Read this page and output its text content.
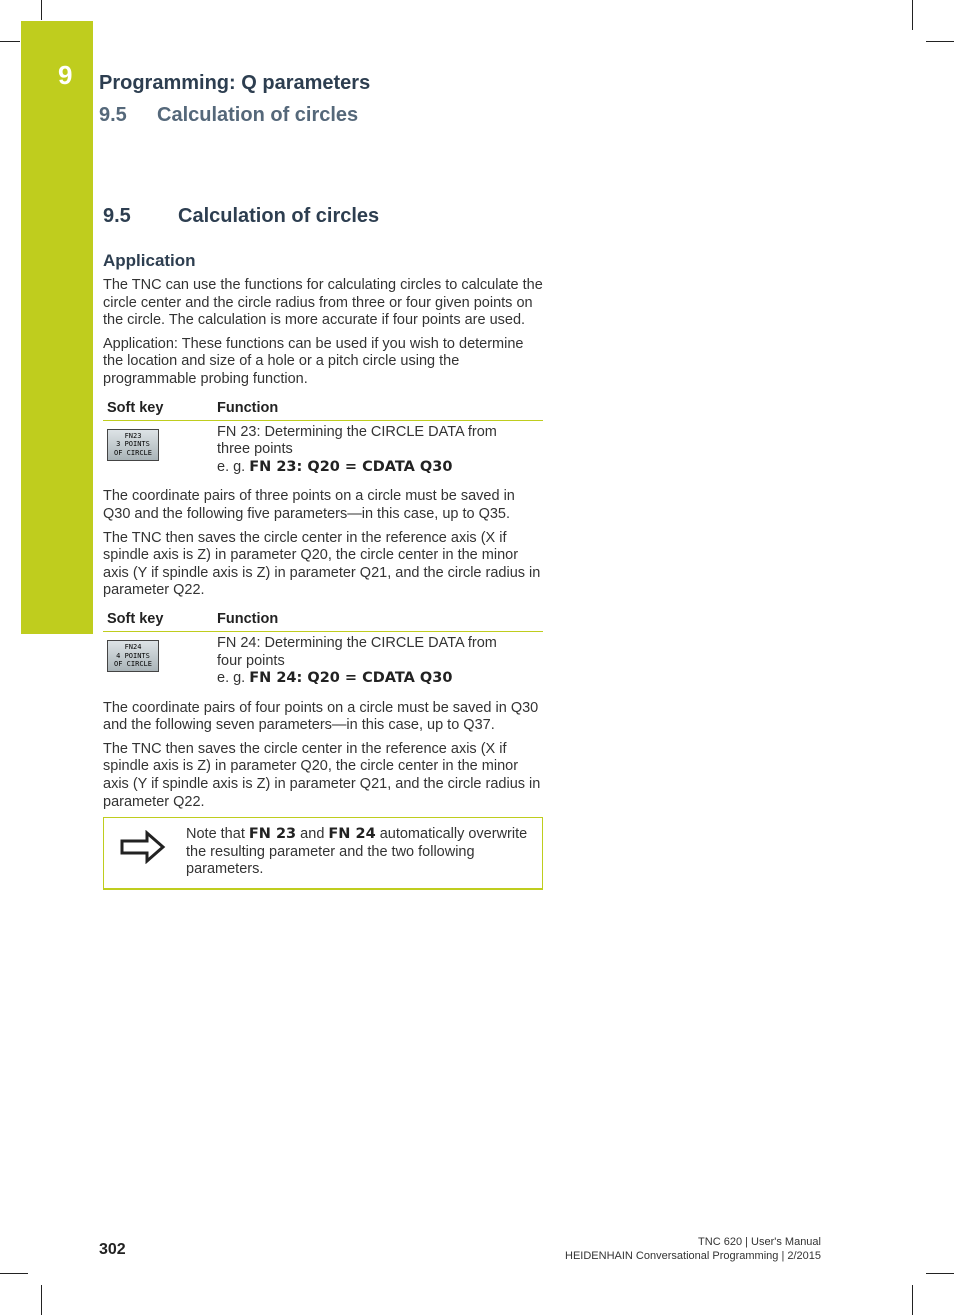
9 Programming: Q parameters
9.5 Calculation of circles
9.5 Calculation of circles
Application

The TNC can use the functions for calculating circles to calculate the circle center and the circle radius from three or four given points on the circle. The calculation is more accurate if four points are used.

Application: These functions can be used if you wish to determine the location and size of a hole or a pitch circle using the programmable probing function.

Soft key	Function

FN23
3 POINTS
OF CIRCLE	FN 23: Determining the CIRCLE DATA from
three points
e. g. FN 23: Q20 = CDATA Q30

The coordinate pairs of three points on a circle must be saved in Q30 and the following five parameters—in this case, up to Q35.

The TNC then saves the circle center in the reference axis (X if spindle axis is Z) in parameter Q20, the circle center in the minor axis (Y if spindle axis is Z) in parameter Q21, and the circle radius in parameter Q22.

Soft key	Function

FN24
4 POINTS
OF CIRCLE	FN 24: Determining the CIRCLE DATA from
four points
e. g. FN 24: Q20 = CDATA Q30

The coordinate pairs of four points on a circle must be saved in Q30 and the following seven parameters—in this case, up to Q37.

The TNC then saves the circle center in the reference axis (X if spindle axis is Z) in parameter Q20, the circle center in the minor axis (Y if spindle axis is Z) in parameter Q21, and the circle radius in parameter Q22.

Note that FN 23 and FN 24 automatically overwrite the resulting parameter and the two following parameters.
302	TNC 620 | User's Manual
HEIDENHAIN Conversational Programming | 2/2015
